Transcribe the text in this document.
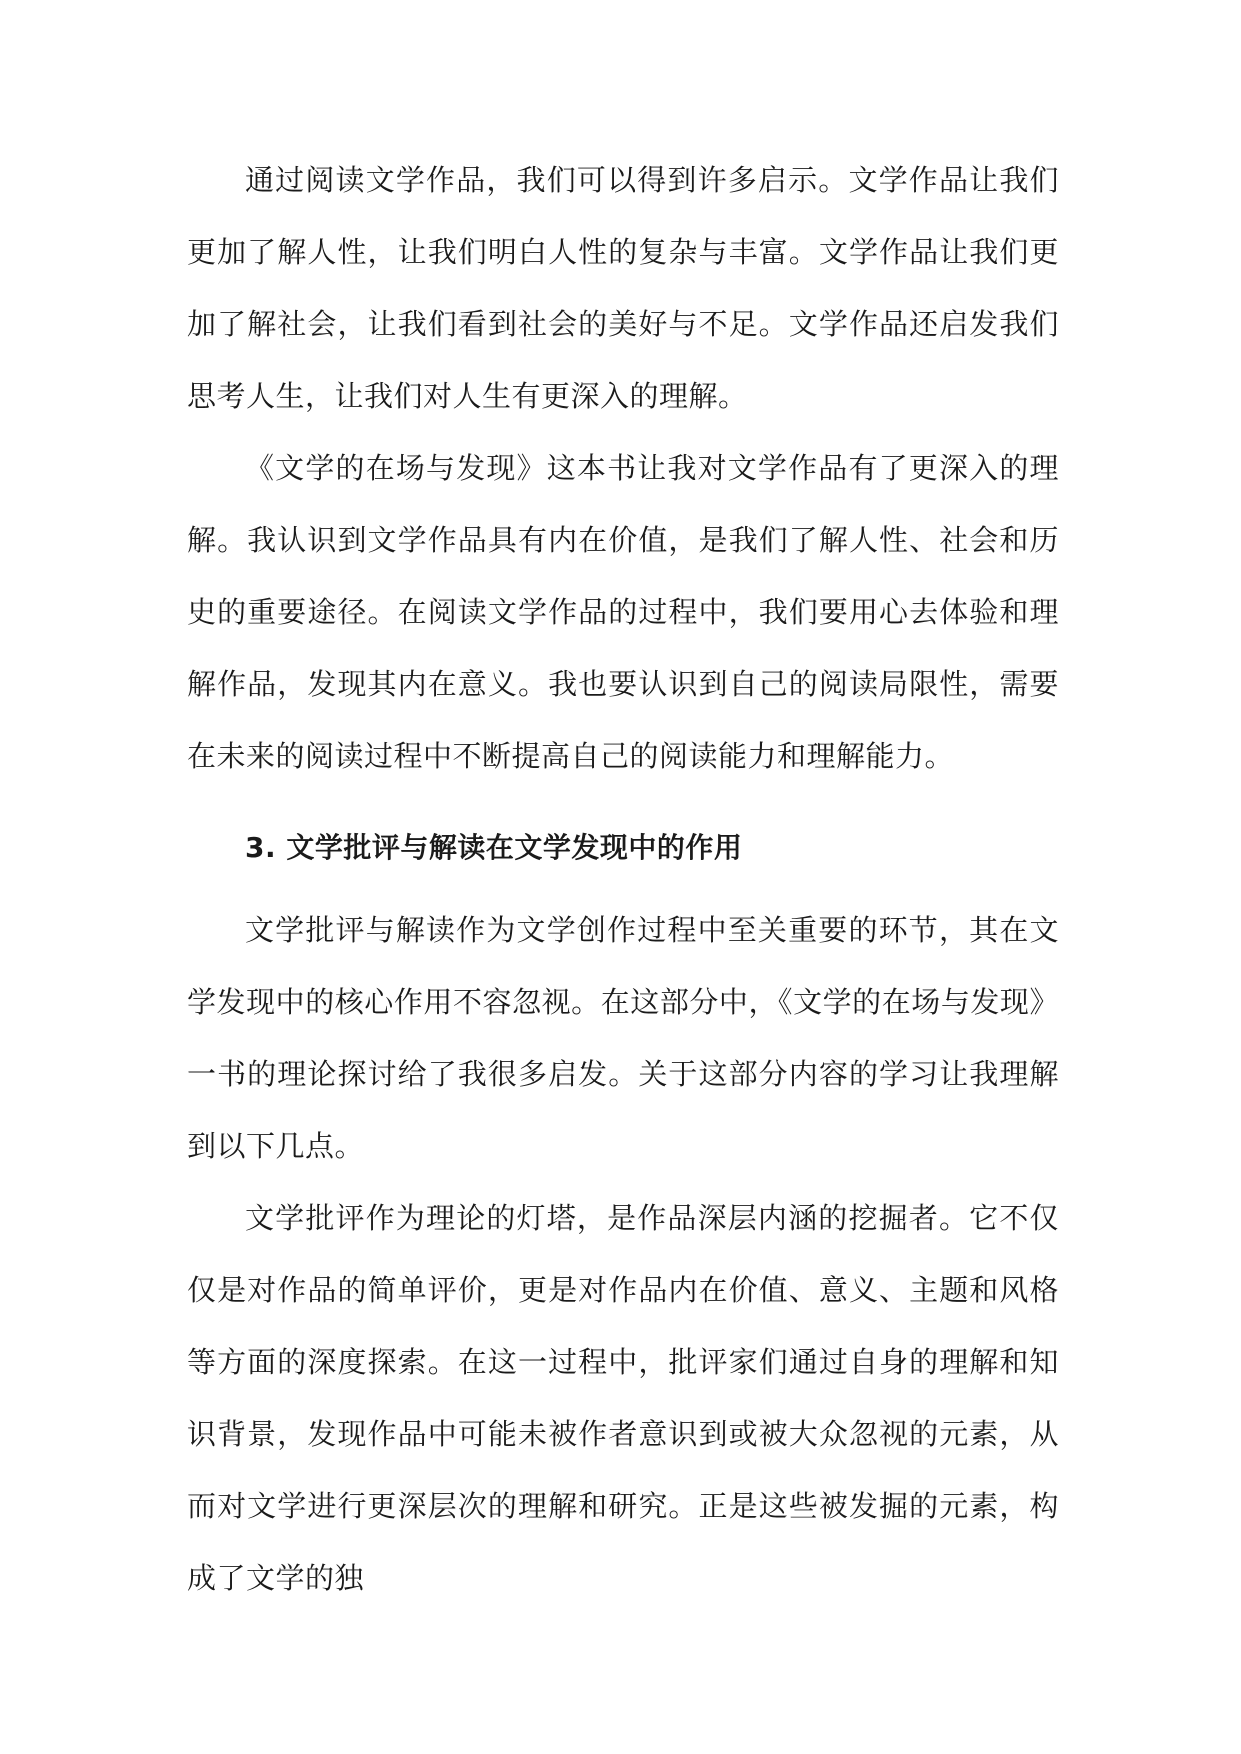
通过阅读文学作品，我们可以得到许多启示。文学作品让我们更加了解人性，让我们明白人性的复杂与丰富。文学作品让我们更加了解社会，让我们看到社会的美好与不足。文学作品还启发我们思考人生，让我们对人生有更深入的理解。

《文学的在场与发现》这本书让我对文学作品有了更深入的理解。我认识到文学作品具有内在价值，是我们了解人性、社会和历史的重要途径。在阅读文学作品的过程中，我们要用心去体验和理解作品，发现其内在意义。我也要认识到自己的阅读局限性，需要在未来的阅读过程中不断提高自己的阅读能力和理解能力。

3. 文学批评与解读在文学发现中的作用

文学批评与解读作为文学创作过程中至关重要的环节，其在文学发现中的核心作用不容忽视。在这部分中，《文学的在场与发现》一书的理论探讨给了我很多启发。关于这部分内容的学习让我理解到以下几点。

文学批评作为理论的灯塔，是作品深层内涵的挖掘者。它不仅仅是对作品的简单评价，更是对作品内在价值、意义、主题和风格等方面的深度探索。在这一过程中，批评家们通过自身的理解和知识背景，发现作品中可能未被作者意识到或被大众忽视的元素，从而对文学进行更深层次的理解和研究。正是这些被发掘的元素，构成了文学的独
